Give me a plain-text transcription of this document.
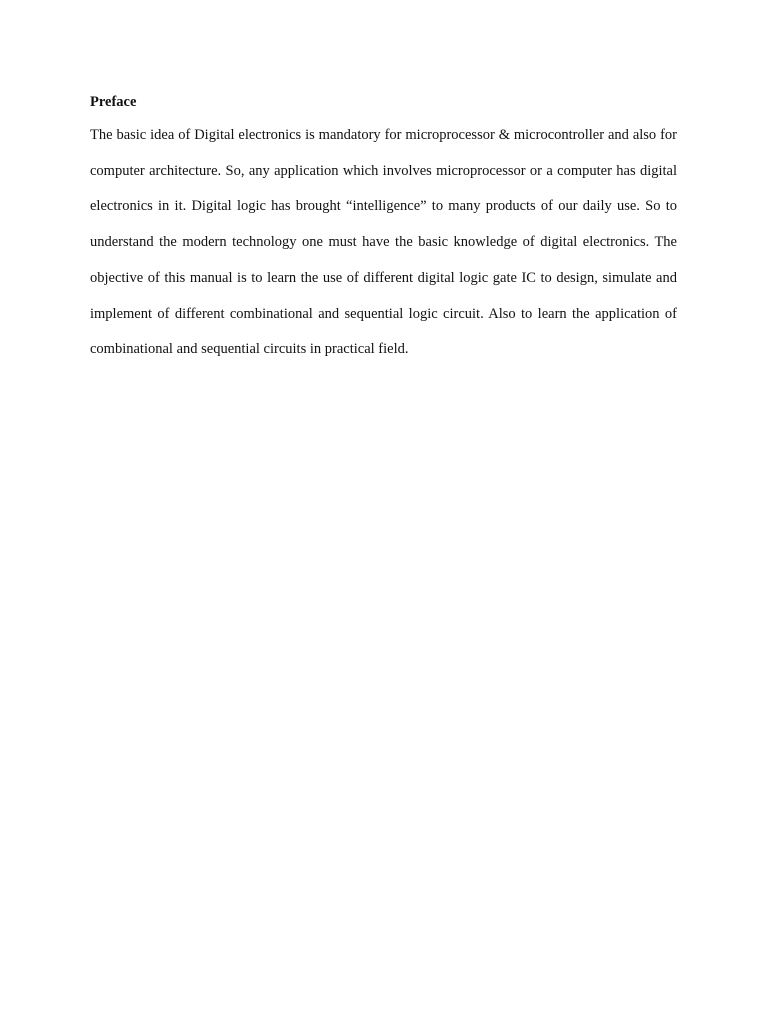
Preface

The basic idea of Digital electronics is mandatory for microprocessor & microcontroller and also for computer architecture. So, any application which involves microprocessor or a computer has digital electronics in it. Digital logic has brought “intelligence” to many products of our daily use. So to understand the modern technology one must have the basic knowledge of digital electronics. The objective of this manual is to learn the use of different digital logic gate IC to design, simulate and implement of different combinational and sequential logic circuit. Also to learn the application of combinational and sequential circuits in practical field.
